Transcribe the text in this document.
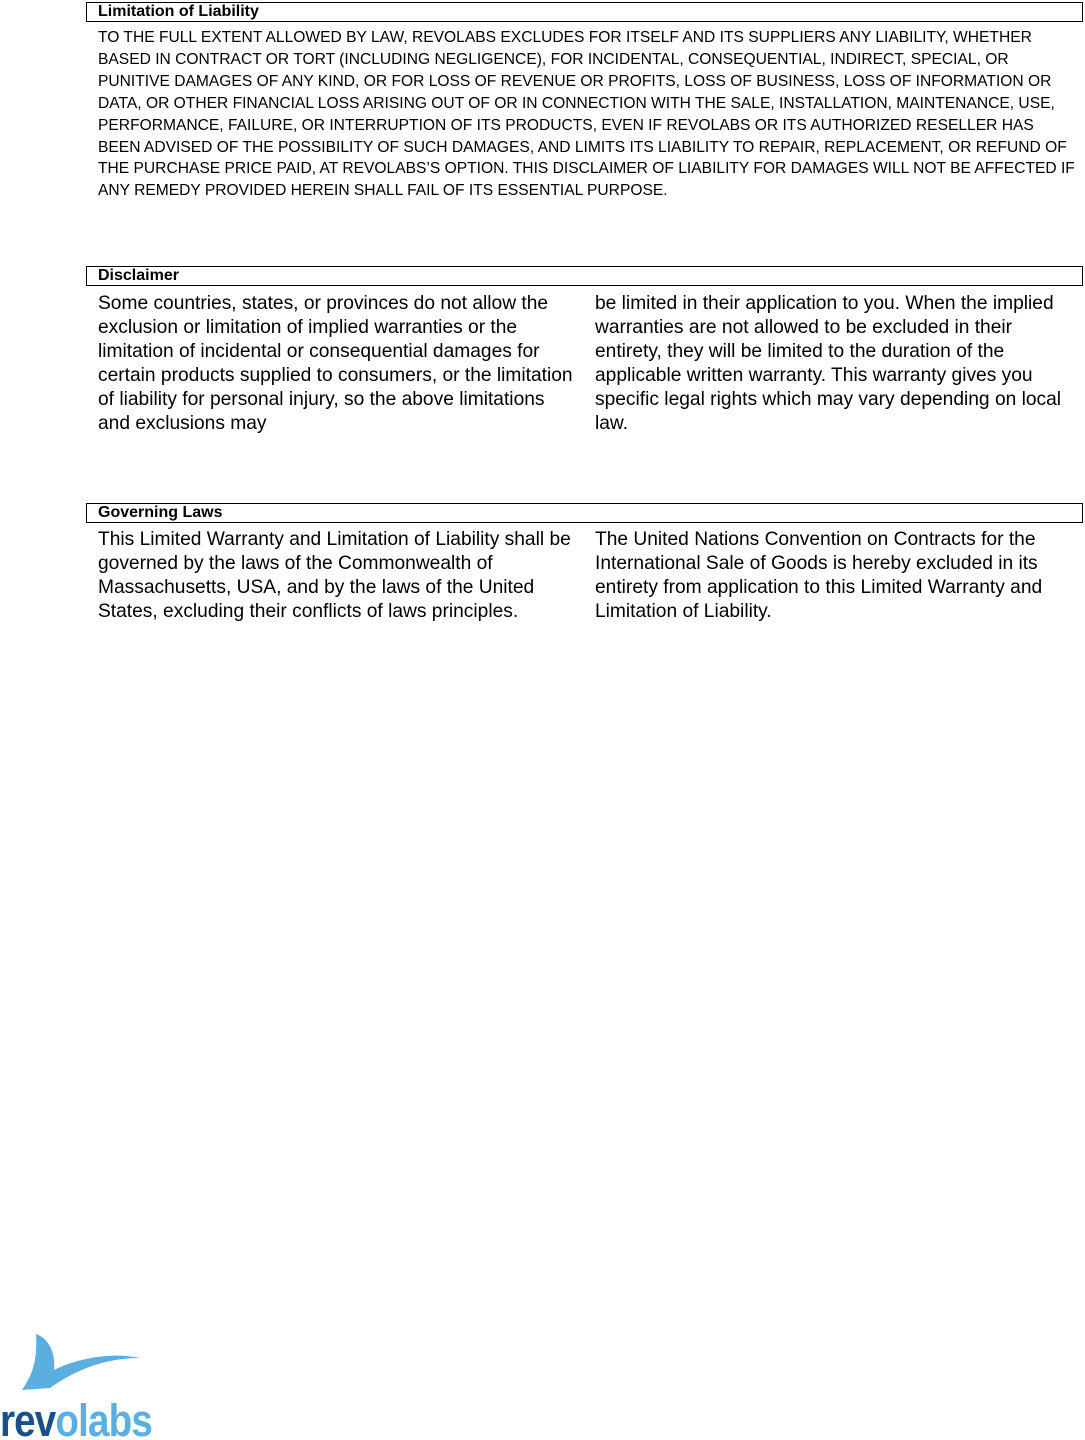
Limitation of Liability

TO THE FULL EXTENT ALLOWED BY LAW, REVOLABS EXCLUDES FOR ITSELF AND ITS SUPPLIERS ANY LIABILITY, WHETHER BASED IN CONTRACT OR TORT (INCLUDING NEGLIGENCE), FOR INCIDENTAL, CONSEQUENTIAL, INDIRECT, SPECIAL, OR PUNITIVE DAMAGES OF ANY KIND, OR FOR LOSS OF REVENUE OR PROFITS, LOSS OF BUSINESS, LOSS OF INFORMATION OR DATA, OR OTHER FINANCIAL LOSS ARISING OUT OF OR IN CONNECTION WITH THE SALE, INSTALLATION, MAINTENANCE, USE, PERFORMANCE, FAILURE, OR INTERRUPTION OF ITS PRODUCTS, EVEN IF REVOLABS OR ITS AUTHORIZED RESELLER HAS BEEN ADVISED OF THE POSSIBILITY OF SUCH DAMAGES, AND LIMITS ITS LIABILITY TO REPAIR, REPLACEMENT, OR REFUND OF THE PURCHASE PRICE PAID, AT REVOLABS’S OPTION. THIS DISCLAIMER OF LIABILITY FOR DAMAGES WILL NOT BE AFFECTED IF ANY REMEDY PROVIDED HEREIN SHALL FAIL OF ITS ESSENTIAL PURPOSE.

Disclaimer

Some countries, states, or provinces do not allow the exclusion or limitation of implied warranties or the limitation of incidental or consequential damages for certain products supplied to consumers, or the limitation of liability for personal injury, so the above limitations and exclusions may

be limited in their application to you. When the implied warranties are not allowed to be excluded in their entirety, they will be limited to the duration of the applicable written warranty. This warranty gives you specific legal rights which may vary depending on local law.

Governing Laws

This Limited Warranty and Limitation of Liability shall be governed by the laws of the Commonwealth of Massachusetts, USA, and by the laws of the United States, excluding their conflicts of laws principles.

The United Nations Convention on Contracts for the International Sale of Goods is hereby excluded in its entirety from application to this Limited Warranty and Limitation of Liability.

revolabs
